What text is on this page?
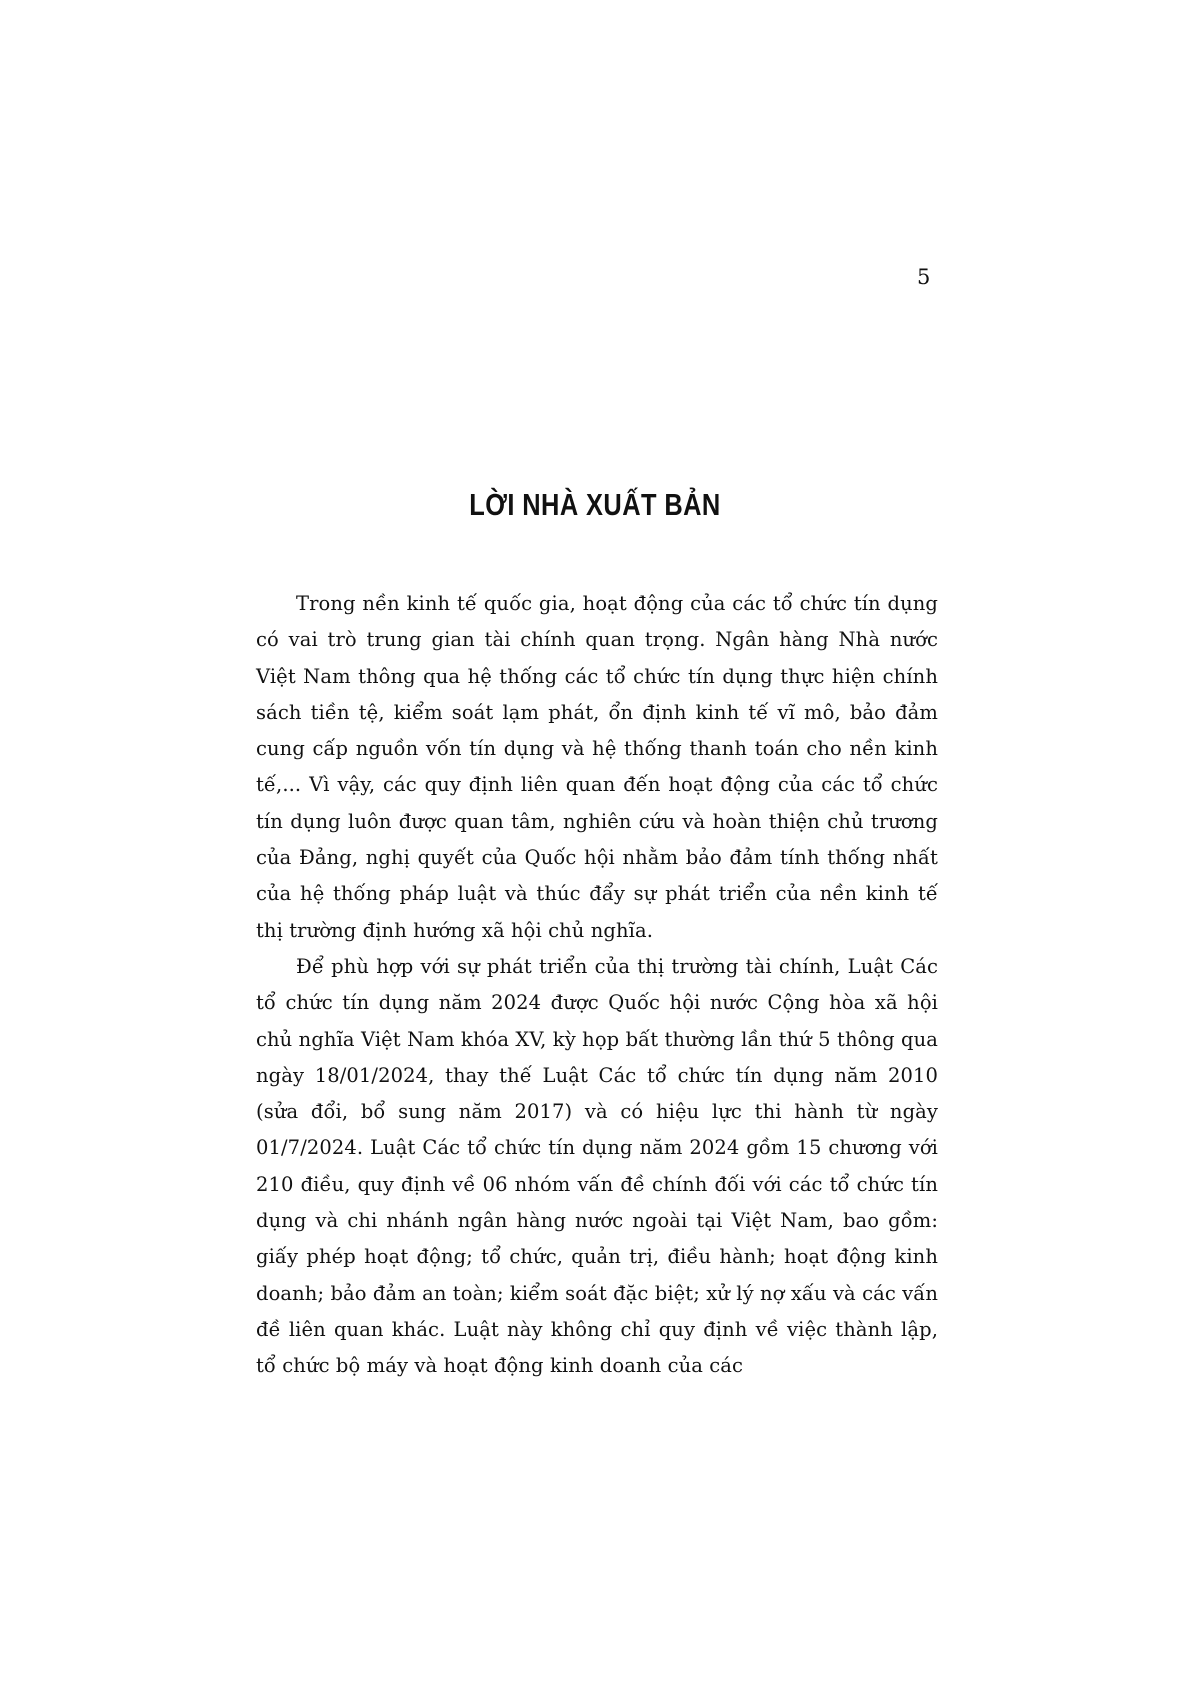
5
LỜI NHÀ XUẤT BẢN

Trong nền kinh tế quốc gia, hoạt động của các tổ chức tín dụng có vai trò trung gian tài chính quan trọng. Ngân hàng Nhà nước Việt Nam thông qua hệ thống các tổ chức tín dụng thực hiện chính sách tiền tệ, kiểm soát lạm phát, ổn định kinh tế vĩ mô, bảo đảm cung cấp nguồn vốn tín dụng và hệ thống thanh toán cho nền kinh tế,... Vì vậy, các quy định liên quan đến hoạt động của các tổ chức tín dụng luôn được quan tâm, nghiên cứu và hoàn thiện chủ trương của Đảng, nghị quyết của Quốc hội nhằm bảo đảm tính thống nhất của hệ thống pháp luật và thúc đẩy sự phát triển của nền kinh tế thị trường định hướng xã hội chủ nghĩa.

Để phù hợp với sự phát triển của thị trường tài chính, Luật Các tổ chức tín dụng năm 2024 được Quốc hội nước Cộng hòa xã hội chủ nghĩa Việt Nam khóa XV, kỳ họp bất thường lần thứ 5 thông qua ngày 18/01/2024, thay thế Luật Các tổ chức tín dụng năm 2010 (sửa đổi, bổ sung năm 2017) và có hiệu lực thi hành từ ngày 01/7/2024. Luật Các tổ chức tín dụng năm 2024 gồm 15 chương với 210 điều, quy định về 06 nhóm vấn đề chính đối với các tổ chức tín dụng và chi nhánh ngân hàng nước ngoài tại Việt Nam, bao gồm: giấy phép hoạt động; tổ chức, quản trị, điều hành; hoạt động kinh doanh; bảo đảm an toàn; kiểm soát đặc biệt; xử lý nợ xấu và các vấn đề liên quan khác. Luật này không chỉ quy định về việc thành lập, tổ chức bộ máy và hoạt động kinh doanh của các
